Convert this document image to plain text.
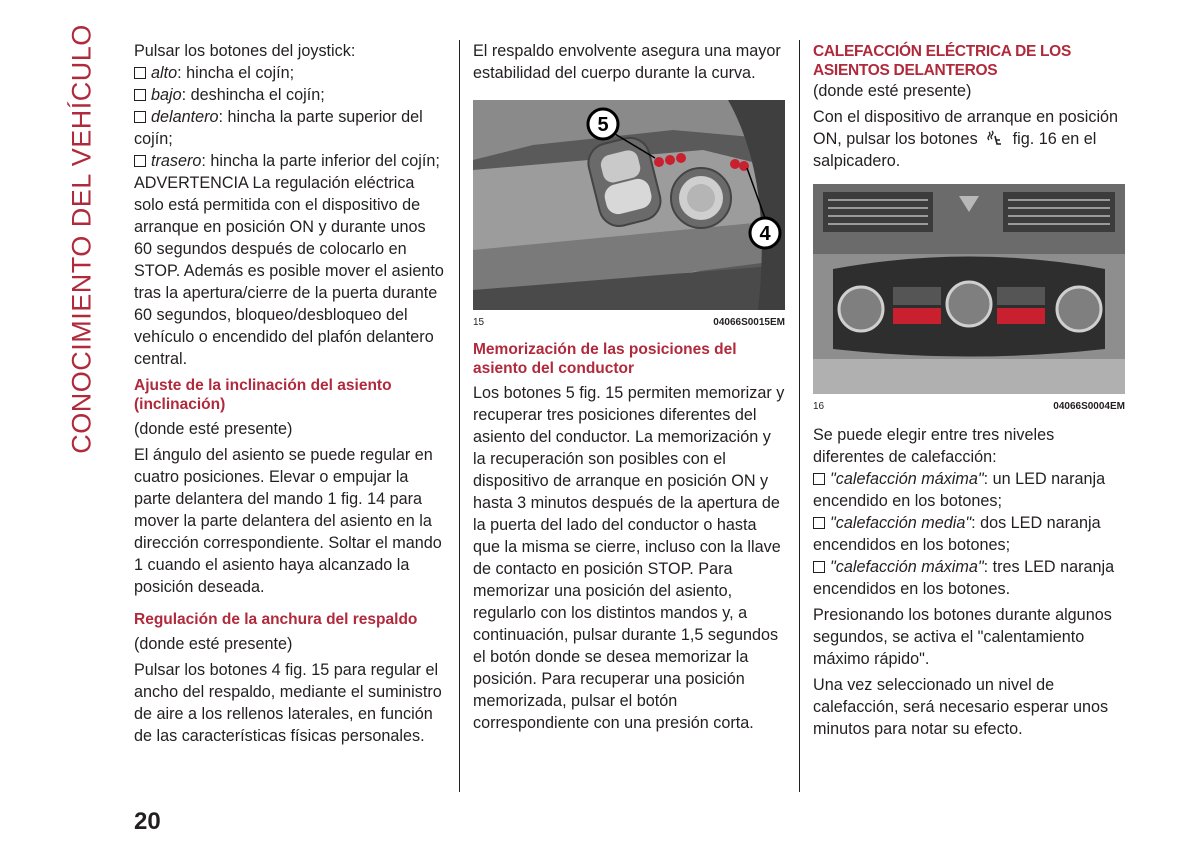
CONOCIMIENTO DEL VEHÍCULO Pulsar los botones del joystick:

alto: hincha el cojín;

bajo: deshincha el cojín;

delantero: hincha la parte superior del cojín;

trasero: hincha la parte inferior del cojín;

ADVERTENCIA La regulación eléctrica solo está permitida con el dispositivo de arranque en posición ON y durante unos 60 segundos después de colocarlo en STOP. Además es posible mover el asiento tras la apertura/cierre de la puerta durante 60 segundos, bloqueo/desbloqueo del vehículo o encendido del plafón delantero central.

Ajuste de la inclinación del asiento (inclinación)

(donde esté presente)

El ángulo del asiento se puede regular en cuatro posiciones. Elevar o empujar la parte delantera del mando 1 fig. 14 para mover la parte delantera del asiento en la dirección correspondiente. Soltar el mando 1 cuando el asiento haya alcanzado la posición deseada.

Regulación de la anchura del respaldo

(donde esté presente)

Pulsar los botones 4 fig. 15 para regular el ancho del respaldo, mediante el suministro de aire a los rellenos laterales, en función de las características físicas personales.

El respaldo envolvente asegura una mayor estabilidad del cuerpo durante la curva.

5
4
15	04066S0015EM

Memorización de las posiciones del asiento del conductor

Los botones 5 fig. 15 permiten memorizar y recuperar tres posiciones diferentes del asiento del conductor. La memorización y la recuperación son posibles con el dispositivo de arranque en posición ON y hasta 3 minutos después de la apertura de la puerta del lado del conductor o hasta que la misma se cierre, incluso con la llave de contacto en posición STOP. Para memorizar una posición del asiento, regularlo con los distintos mandos y, a continuación, pulsar durante 1,5 segundos el botón donde se desea memorizar la posición. Para recuperar una posición memorizada, pulsar el botón correspondiente con una presión corta.

CALEFACCIÓN ELÉCTRICA DE LOS ASIENTOS DELANTEROS

(donde esté presente)

Con el dispositivo de arranque en posición ON, pulsar los botones fig. 16 en el salpicadero.

16	04066S0004EM

Se puede elegir entre tres niveles diferentes de calefacción:

"calefacción máxima": un LED naranja encendido en los botones;

"calefacción media": dos LED naranja encendidos en los botones;

"calefacción máxima": tres LED naranja encendidos en los botones.

Presionando los botones durante algunos segundos, se activa el "calentamiento máximo rápido".

Una vez seleccionado un nivel de calefacción, será necesario esperar unos minutos para notar su efecto.

20
